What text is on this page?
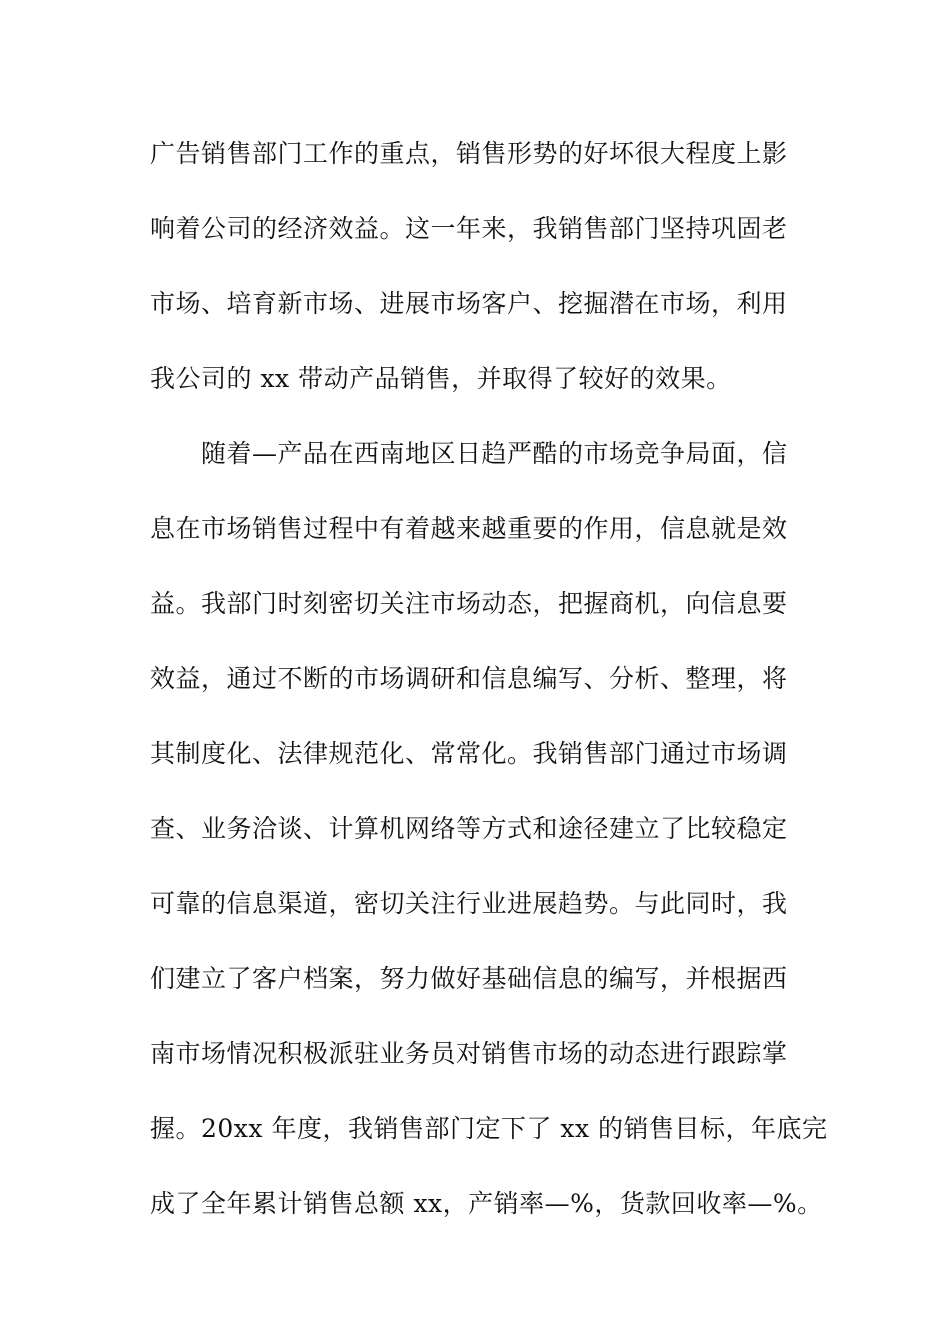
广告销售部门工作的重点，销售形势的好坏很大程度上影
响着公司的经济效益。这一年来，我销售部门坚持巩固老
市场、培育新市场、进展市场客户、挖掘潜在市场，利用
我公司的 xx 带动产品销售，并取得了较好的效果。
随着—产品在西南地区日趋严酷的市场竞争局面，信
息在市场销售过程中有着越来越重要的作用，信息就是效
益。我部门时刻密切关注市场动态，把握商机，向信息要
效益，通过不断的市场调研和信息编写、分析、整理，将
其制度化、法律规范化、常常化。我销售部门通过市场调
查、业务洽谈、计算机网络等方式和途径建立了比较稳定
可靠的信息渠道，密切关注行业进展趋势。与此同时，我
们建立了客户档案，努力做好基础信息的编写，并根据西
南市场情况积极派驻业务员对销售市场的动态进行跟踪掌
握。20xx 年度，我销售部门定下了 xx 的销售目标，年底完
成了全年累计销售总额 xx，产销率—%，货款回收率—%。
